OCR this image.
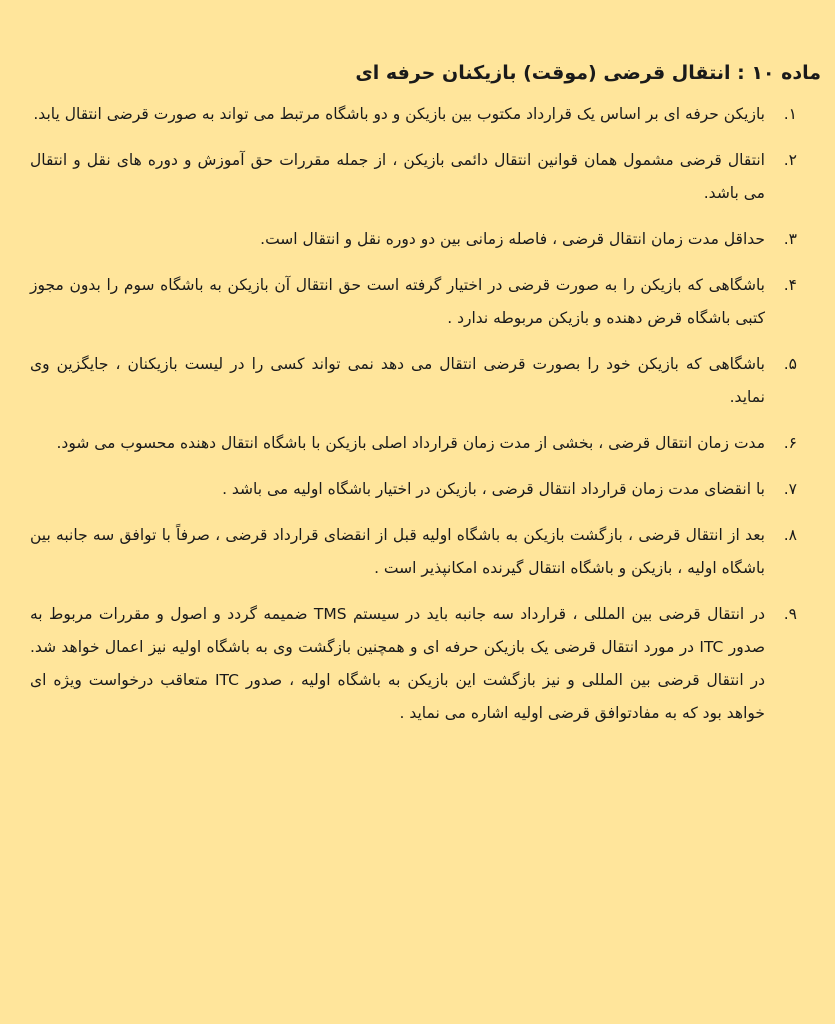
ماده ۱۰ : انتقال قرضی (موقت) بازیکنان حرفه ای
۱.
بازیکن حرفه ای بر اساس یک قرارداد مکتوب بین بازیکن و دو باشگاه مرتبط می تواند به صورت قرضی انتقال یابد.
۲.
انتقال قرضی مشمول همان قوانین انتقال دائمی بازیکن ، از جمله مقررات حق آموزش و دوره های نقل و انتقال می باشد.
۳.
حداقل مدت زمان انتقال قرضی ، فاصله زمانی بین دو دوره نقل و انتقال است.
۴.
باشگاهی که بازیکن را به صورت قرضی در اختیار گرفته است حق انتقال آن بازیکن به باشگاه سوم را بدون مجوز کتبی باشگاه قرض دهنده و بازیکن مربوطه ندارد .
۵.
باشگاهی که بازیکن خود را بصورت قرضی انتقال می دهد نمی تواند کسی را در لیست بازیکنان ، جایگزین وی نماید.
۶.
مدت زمان انتقال قرضی ، بخشی از مدت زمان قرارداد اصلی بازیکن با باشگاه انتقال دهنده محسوب می شود.
۷.
با انقضای مدت زمان قرارداد انتقال قرضی ، بازیکن در اختیار باشگاه اولیه می باشد .
۸.
بعد از انتقال قرضی ، بازگشت بازیکن به باشگاه اولیه قبل از انقضای قرارداد قرضی ، صرفاً با توافق سه جانبه بین باشگاه اولیه ، بازیکن و باشگاه انتقال گیرنده امکانپذیر است .
۹.
در انتقال قرضی بین المللی ، قرارداد سه جانبه باید در سیستم TMS ضمیمه گردد و اصول و مقررات مربوط به صدور ITC در مورد انتقال قرضی یک بازیکن حرفه ای و همچنین بازگشت وی به باشگاه اولیه نیز اعمال خواهد شد. در انتقال قرضی بین المللی و نیز بازگشت این بازیکن به باشگاه اولیه ، صدور ITC متعاقب درخواست ویژه ای خواهد بود که به مفادتوافق قرضی اولیه اشاره می نماید .
